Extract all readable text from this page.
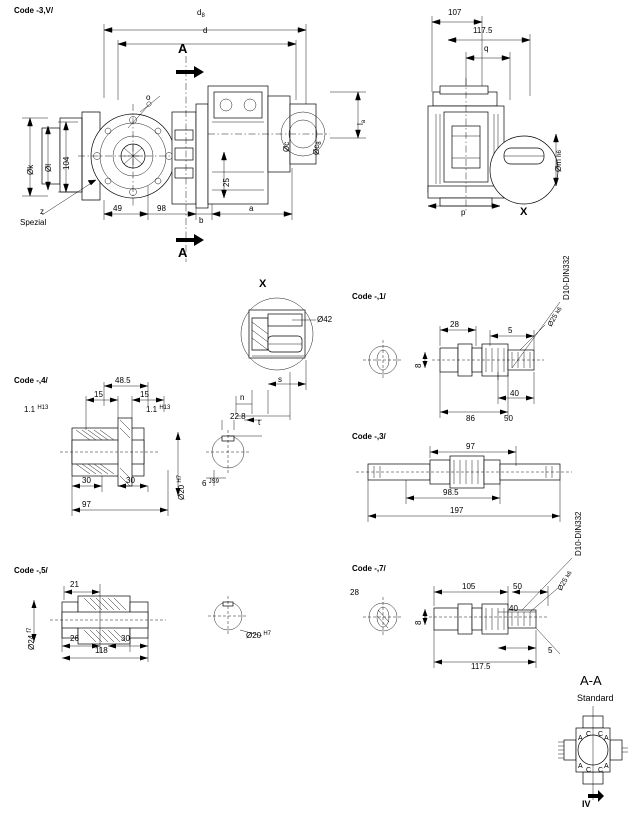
Code -3,V/	$d_8$
d
Øk Øl 104
25
49	98
b
a
$l_a$
Øc	$Øc_8$
o
A
A
z
Spezial
107
117.5
q
p
Øm h6
X
X
Ø42
n
t
s
Code -,1/
28
8
5
40
50
86
Ø25 k6
D10-DIN332
Code -,3/
97
98.5
197
Code -,7/
28
8
105	50
40
117.5
5
Ø25 k6
D10-DIN332
Code -,4/	48.5
15	15
1.1 $^{H13}$	1.1 $^{H13}$
30	30
97
Ø20 $^{H7}$
22.8
6 $^{JS9}$
Code -,5/
21
26	30
118
Ø24 $^{f7}$
Ø20 $^{H7}$
A-A
Standard
A
C
A
C
A
C
A
C
IV
